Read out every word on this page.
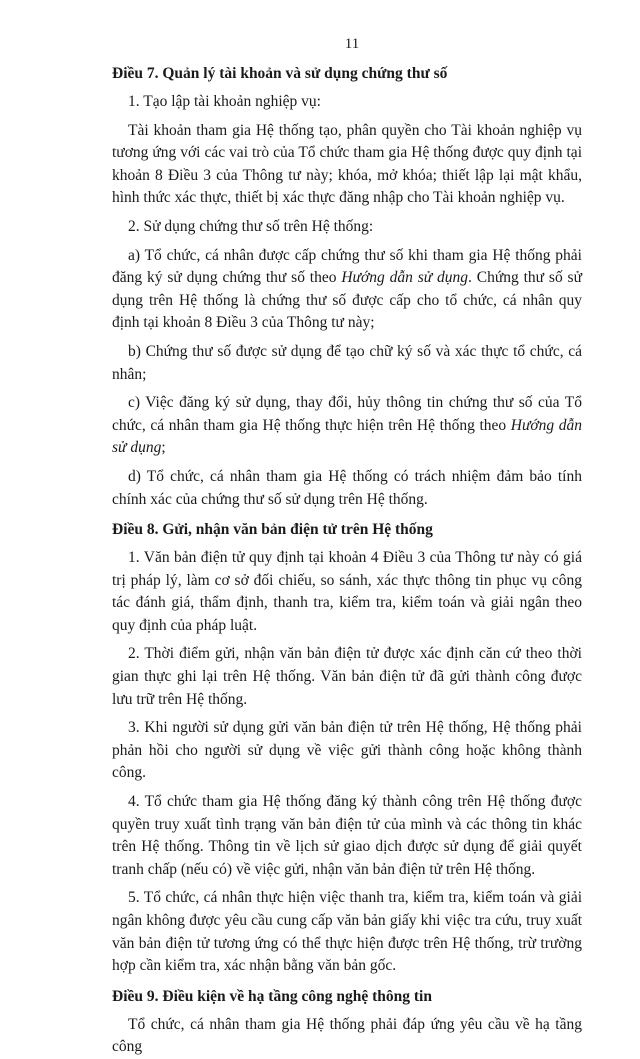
11
Điều 7. Quản lý tài khoản và sử dụng chứng thư số

1. Tạo lập tài khoản nghiệp vụ:

Tài khoản tham gia Hệ thống tạo, phân quyền cho Tài khoản nghiệp vụ tương ứng với các vai trò của Tổ chức tham gia Hệ thống được quy định tại khoản 8 Điều 3 của Thông tư này; khóa, mở khóa; thiết lập lại mật khẩu, hình thức xác thực, thiết bị xác thực đăng nhập cho Tài khoản nghiệp vụ.

2. Sử dụng chứng thư số trên Hệ thống:

a) Tổ chức, cá nhân được cấp chứng thư số khi tham gia Hệ thống phải đăng ký sử dụng chứng thư số theo Hướng dẫn sử dụng. Chứng thư số sử dụng trên Hệ thống là chứng thư số được cấp cho tổ chức, cá nhân quy định tại khoản 8 Điều 3 của Thông tư này;

b) Chứng thư số được sử dụng để tạo chữ ký số và xác thực tổ chức, cá nhân;

c) Việc đăng ký sử dụng, thay đổi, hủy thông tin chứng thư số của Tổ chức, cá nhân tham gia Hệ thống thực hiện trên Hệ thống theo Hướng dẫn sử dụng;

d) Tổ chức, cá nhân tham gia Hệ thống có trách nhiệm đảm bảo tính chính xác của chứng thư số sử dụng trên Hệ thống.

Điều 8. Gửi, nhận văn bản điện tử trên Hệ thống

1. Văn bản điện tử quy định tại khoản 4 Điều 3 của Thông tư này có giá trị pháp lý, làm cơ sở đối chiếu, so sánh, xác thực thông tin phục vụ công tác đánh giá, thẩm định, thanh tra, kiểm tra, kiểm toán và giải ngân theo quy định của pháp luật.

2. Thời điểm gửi, nhận văn bản điện tử được xác định căn cứ theo thời gian thực ghi lại trên Hệ thống. Văn bản điện tử đã gửi thành công được lưu trữ trên Hệ thống.

3. Khi người sử dụng gửi văn bản điện tử trên Hệ thống, Hệ thống phải phản hồi cho người sử dụng về việc gửi thành công hoặc không thành công.

4. Tổ chức tham gia Hệ thống đăng ký thành công trên Hệ thống được quyền truy xuất tình trạng văn bản điện tử của mình và các thông tin khác trên Hệ thống. Thông tin về lịch sử giao dịch được sử dụng để giải quyết tranh chấp (nếu có) về việc gửi, nhận văn bản điện tử trên Hệ thống.

5. Tổ chức, cá nhân thực hiện việc thanh tra, kiểm tra, kiểm toán và giải ngân không được yêu cầu cung cấp văn bản giấy khi việc tra cứu, truy xuất văn bản điện tử tương ứng có thể thực hiện được trên Hệ thống, trừ trường hợp cần kiểm tra, xác nhận bằng văn bản gốc.

Điều 9. Điều kiện về hạ tầng công nghệ thông tin

Tổ chức, cá nhân tham gia Hệ thống phải đáp ứng yêu cầu về hạ tầng công
